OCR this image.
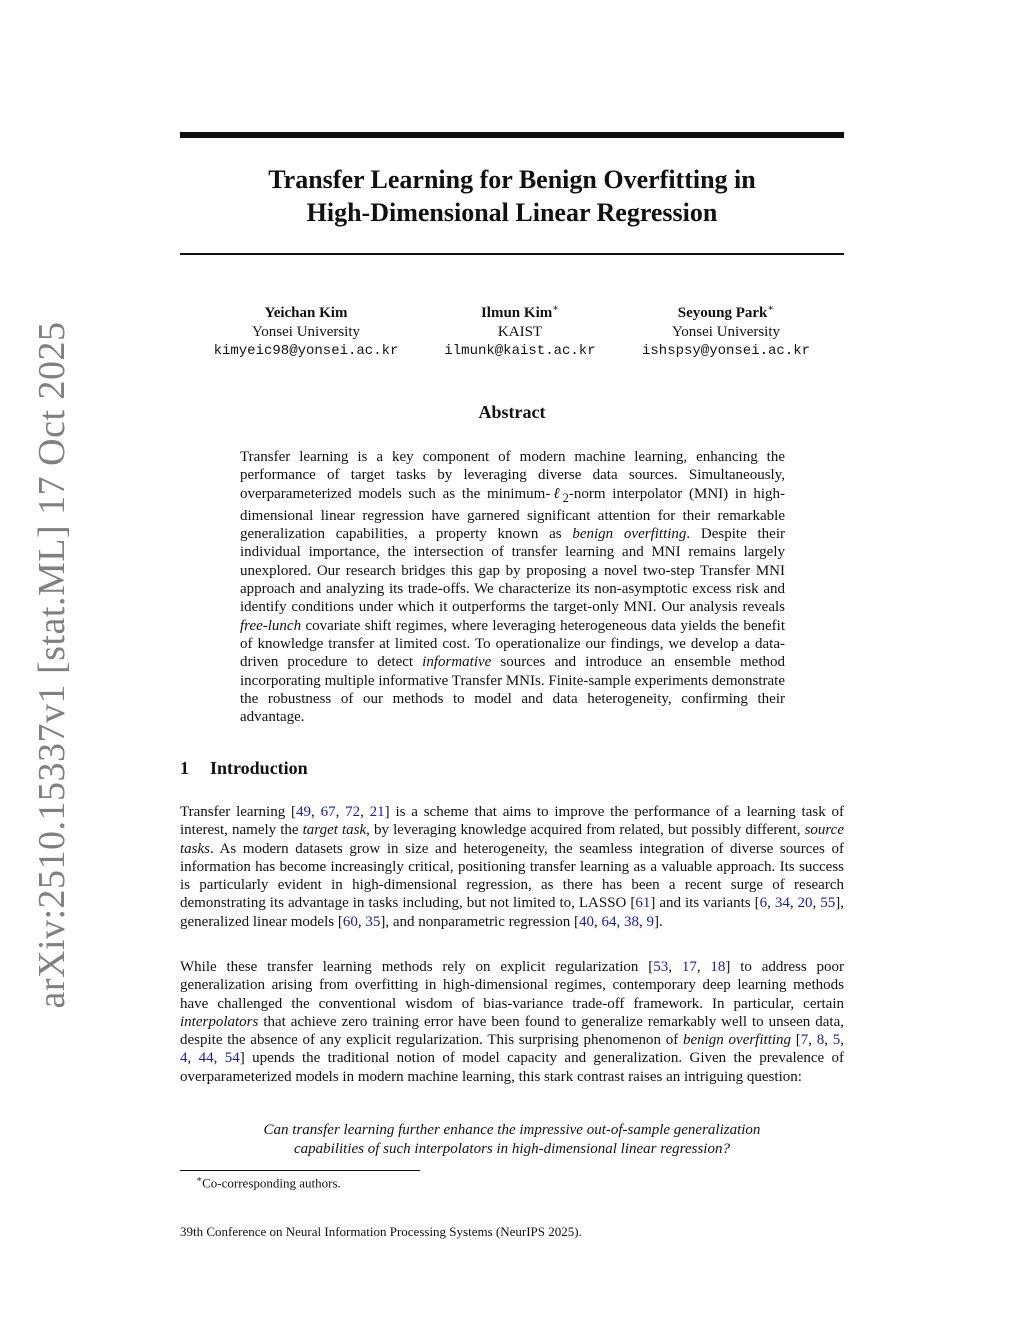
arXiv:2510.15337v1 [stat.ML] 17 Oct 2025
Transfer Learning for Benign Overfitting in
High-Dimensional Linear Regression
Yeichan Kim
Yonsei University
kimyeic98@yonsei.ac.kr
Ilmun Kim∗
KAIST
ilmunk@kaist.ac.kr
Seyoung Park∗
Yonsei University
ishspsy@yonsei.ac.kr
Abstract

Transfer learning is a key component of modern machine learning, enhancing the performance of target tasks by leveraging diverse data sources. Simultaneously, overparameterized models such as the minimum-ℓ$_2$-norm interpolator (MNI) in high-dimensional linear regression have garnered significant attention for their remarkable generalization capabilities, a property known as benign overfitting. Despite their individual importance, the intersection of transfer learning and MNI remains largely unexplored. Our research bridges this gap by proposing a novel two-step Transfer MNI approach and analyzing its trade-offs. We characterize its non-asymptotic excess risk and identify conditions under which it outperforms the target-only MNI. Our analysis reveals free-lunch covariate shift regimes, where leveraging heterogeneous data yields the benefit of knowledge transfer at limited cost. To operationalize our findings, we develop a data-driven procedure to detect informative sources and introduce an ensemble method incorporating multiple informative Transfer MNIs. Finite-sample experiments demonstrate the robustness of our methods to model and data heterogeneity, confirming their advantage.

1 Introduction

Transfer learning [49, 67, 72, 21] is a scheme that aims to improve the performance of a learning task of interest, namely the target task, by leveraging knowledge acquired from related, but possibly different, source tasks. As modern datasets grow in size and heterogeneity, the seamless integration of diverse sources of information has become increasingly critical, positioning transfer learning as a valuable approach. Its success is particularly evident in high-dimensional regression, as there has been a recent surge of research demonstrating its advantage in tasks including, but not limited to, LASSO [61] and its variants [6, 34, 20, 55], generalized linear models [60, 35], and nonparametric regression [40, 64, 38, 9].

While these transfer learning methods rely on explicit regularization [53, 17, 18] to address poor generalization arising from overfitting in high-dimensional regimes, contemporary deep learning methods have challenged the conventional wisdom of bias-variance trade-off framework. In particular, certain interpolators that achieve zero training error have been found to generalize remarkably well to unseen data, despite the absence of any explicit regularization. This surprising phenomenon of benign overfitting [7, 8, 5, 4, 44, 54] upends the traditional notion of model capacity and generalization. Given the prevalence of overparameterized models in modern machine learning, this stark contrast raises an intriguing question:

Can transfer learning further enhance the impressive out-of-sample generalization
capabilities of such interpolators in high-dimensional linear regression?

∗Co-corresponding authors.

39th Conference on Neural Information Processing Systems (NeurIPS 2025).
